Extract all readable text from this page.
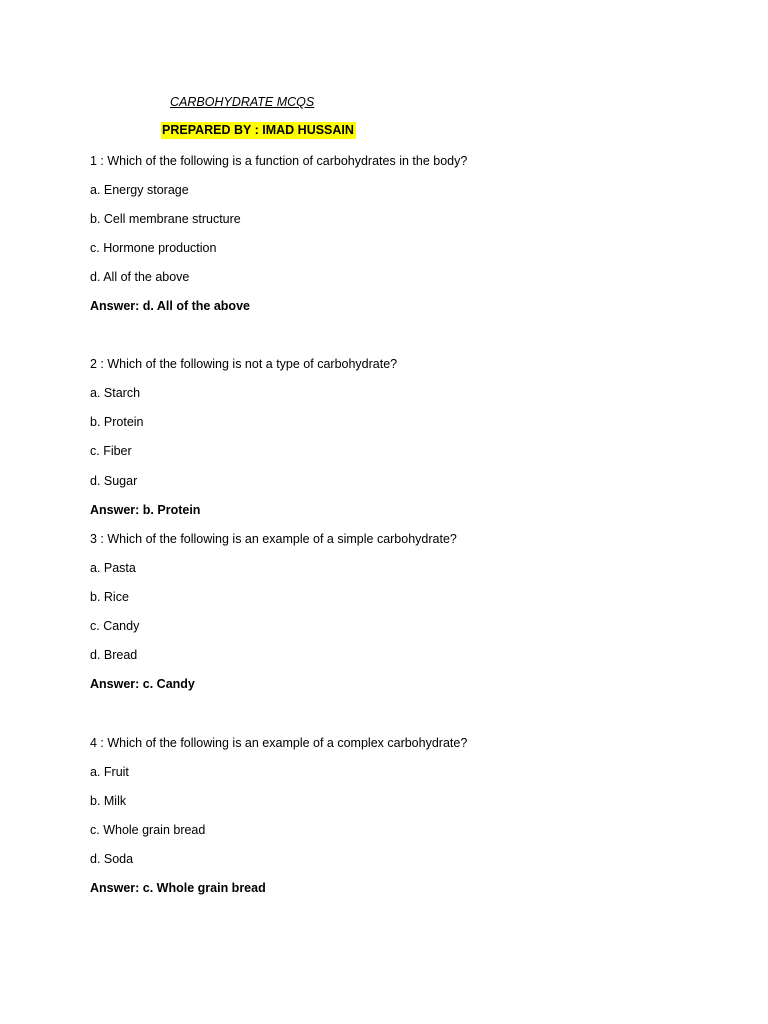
CARBOHYDRATE MCQS
PREPARED BY : IMAD HUSSAIN
1 : Which of the following is a function of carbohydrates in the body?
a. Energy storage
b. Cell membrane structure
c. Hormone production
d. All of the above
Answer: d. All of the above
2 : Which of the following is not a type of carbohydrate?
a. Starch
b. Protein
c. Fiber
d. Sugar
Answer: b. Protein
3 : Which of the following is an example of a simple carbohydrate?
a. Pasta
b. Rice
c. Candy
d. Bread
Answer: c. Candy
4 : Which of the following is an example of a complex carbohydrate?
a. Fruit
b. Milk
c. Whole grain bread
d. Soda
Answer: c. Whole grain bread
